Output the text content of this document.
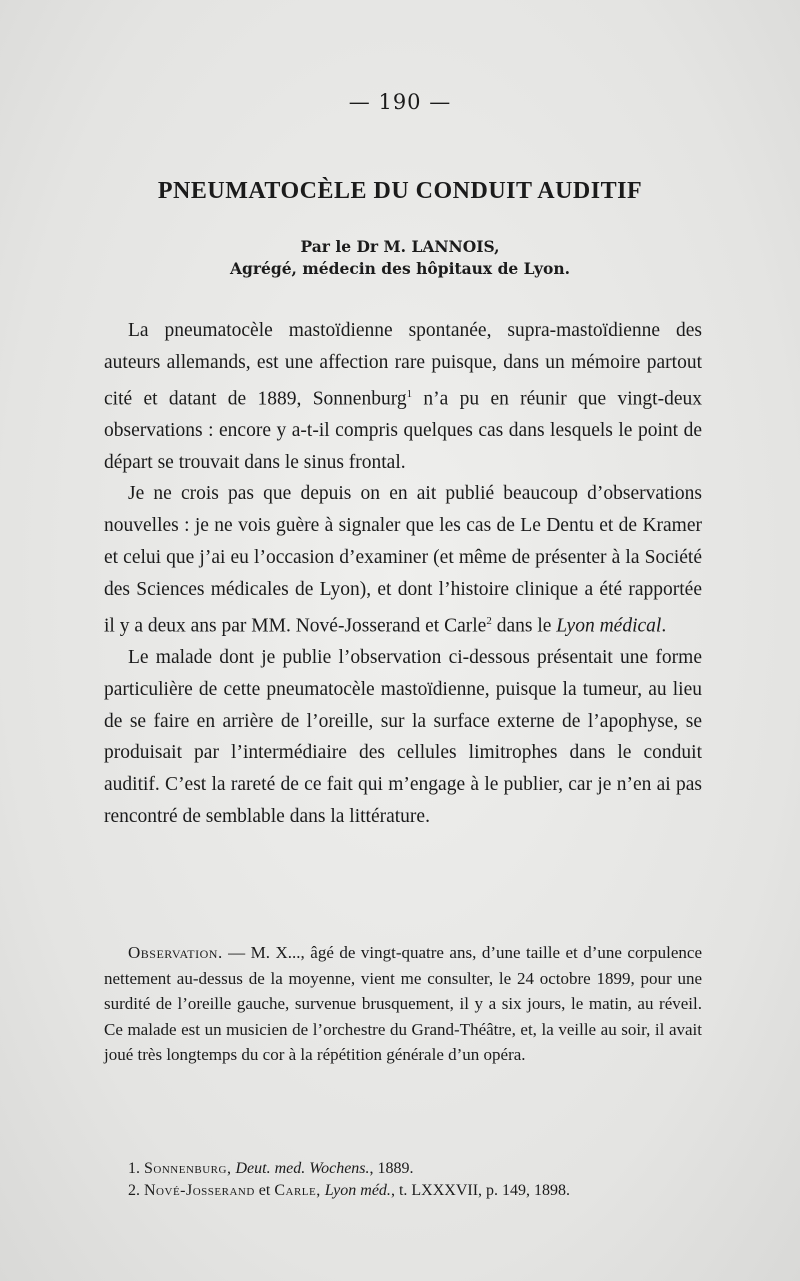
— 190 —
PNEUMATOCÈLE DU CONDUIT AUDITIF
Par le Dr M. LANNOIS,
Agrégé, médecin des hôpitaux de Lyon.

La pneumatocèle mastoïdienne spontanée, supra-mastoïdienne des auteurs allemands, est une affection rare puisque, dans un mémoire partout cité et datant de 1889, Sonnenburg$^1$ n’a pu en réunir que vingt-deux observations : encore y a-t-il compris quelques cas dans lesquels le point de départ se trouvait dans le sinus frontal.

Je ne crois pas que depuis on en ait publié beaucoup d’observations nouvelles : je ne vois guère à signaler que les cas de Le Dentu et de Kramer et celui que j’ai eu l’occasion d’examiner (et même de présenter à la Société des Sciences médicales de Lyon), et dont l’histoire clinique a été rapportée il y a deux ans par MM. Nové-Josserand et Carle$^2$ dans le Lyon médical.

Le malade dont je publie l’observation ci-dessous présentait une forme particulière de cette pneumatocèle mastoïdienne, puisque la tumeur, au lieu de se faire en arrière de l’oreille, sur la surface externe de l’apophyse, se produisait par l’intermédiaire des cellules limitrophes dans le conduit auditif. C’est la rareté de ce fait qui m’engage à le publier, car je n’en ai pas rencontré de semblable dans la littérature.

Observation. — M. X..., âgé de vingt-quatre ans, d’une taille et d’une corpulence nettement au-dessus de la moyenne, vient me consulter, le 24 octobre 1899, pour une surdité de l’oreille gauche, survenue brusquement, il y a six jours, le matin, au réveil. Ce malade est un musicien de l’orchestre du Grand-Théâtre, et, la veille au soir, il avait joué très longtemps du cor à la répétition générale d’un opéra.

1. Sonnenburg, Deut. med. Wochens., 1889.
2. Nové-Josserand et Carle, Lyon méd., t. LXXXVII, p. 149, 1898.
